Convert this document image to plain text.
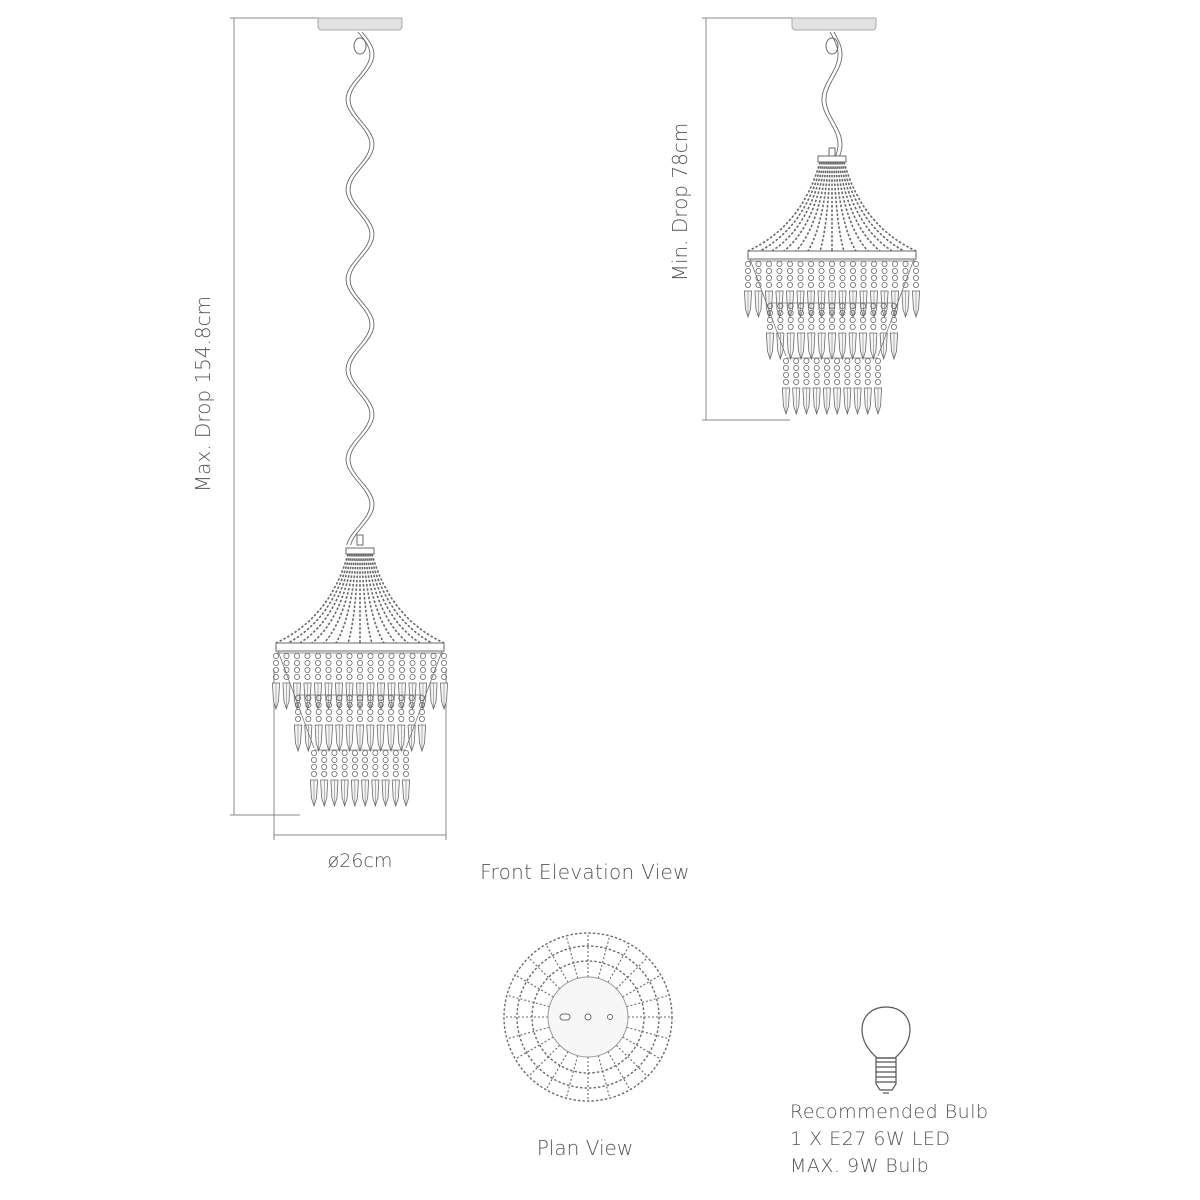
Max. Drop 154.8cm
Min. Drop 78cm
ø26cm	Front Elevation View
Plan View
Recommended Bulb
1 X E27 6W LED
MAX. 9W Bulb
